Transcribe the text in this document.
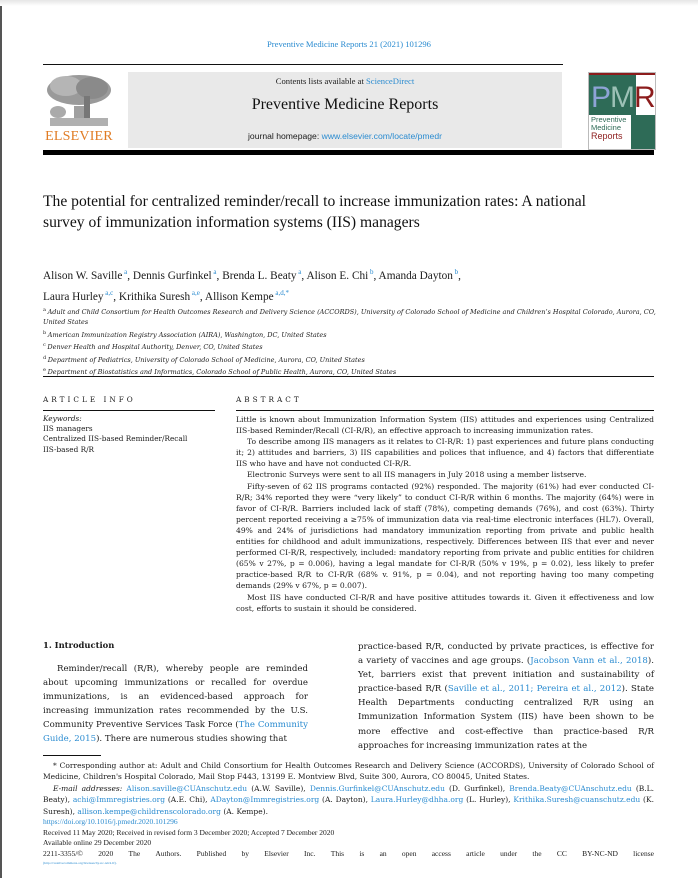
Preventive Medicine Reports 21 (2021) 101296
ELSEVIER
Contents lists available at ScienceDirect
Preventive Medicine Reports
journal homepage: www.elsevier.com/locate/pmedr
PMR
Preventive
Medicine
Reports
The potential for centralized reminder/recall to increase immunization rates: A national survey of immunization information systems (IIS) managers
Alison W. Saville $^a$, Dennis Gurfinkel $^a$, Brenda L. Beaty $^a$, Alison E. Chi $^b$, Amanda Dayton $^b$,
Laura Hurley $^{a,c}$, Krithika Suresh $^{a,e}$, Allison Kempe $^{a,d,*}$
$^a$ Adult and Child Consortium for Health Outcomes Research and Delivery Science (ACCORDS), University of Colorado School of Medicine and Children’s Hospital Colorado, Aurora, CO, United States
$^b$ American Immunization Registry Association (AIRA), Washington, DC, United States
$^c$ Denver Health and Hospital Authority, Denver, CO, United States
$^d$ Department of Pediatrics, University of Colorado School of Medicine, Aurora, CO, United States
$^e$ Department of Biostatistics and Informatics, Colorado School of Public Health, Aurora, CO, United States
ARTICLE INFO
Keywords:
IIS managers
Centralized IIS-based Reminder/Recall
IIS-based R/R
ABSTRACT

Little is known about Immunization Information System (IIS) attitudes and experiences using Centralized IIS-based Reminder/Recall (CI-R/R), an effective approach to increasing immunization rates.

To describe among IIS managers as it relates to CI-R/R: 1) past experiences and future plans conducting it; 2) attitudes and barriers, 3) IIS capabilities and polices that influence, and 4) factors that differentiate IIS who have and have not conducted CI-R/R.

Electronic Surveys were sent to all IIS managers in July 2018 using a member listserve.

Fifty-seven of 62 IIS programs contacted (92%) responded. The majority (61%) had ever conducted CI-R/R; 34% reported they were “very likely” to conduct CI-R/R within 6 months. The majority (64%) were in favor of CI-R/R. Barriers included lack of staff (78%), competing demands (76%), and cost (63%). Thirty percent reported receiving a ≥75% of immunization data via real-time electronic interfaces (HL7). Overall, 49% and 24% of jurisdictions had mandatory immunization reporting from private and public health entities for childhood and adult immunizations, respectively. Differences between IIS that ever and never performed CI-R/R, respectively, included: mandatory reporting from private and public entities for children (65% v 27%, p = 0.006), having a legal mandate for CI-R/R (50% v 19%, p = 0.02), less likely to prefer practice-based R/R to CI-R/R (68% v. 91%, p = 0.04), and not reporting having too many competing demands (29% v 67%, p = 0.007).

Most IIS have conducted CI-R/R and have positive attitudes towards it. Given it effectiveness and low cost, efforts to sustain it should be considered.

1. Introduction

Reminder/recall (R/R), whereby people are reminded about upcoming immunizations or recalled for overdue immunizations, is an evidenced-based approach for increasing immunization rates recommended by the U.S. Community Preventive Services Task Force (The Community Guide, 2015). There are numerous studies showing that

practice-based R/R, conducted by private practices, is effective for a variety of vaccines and age groups. (Jacobson Vann et al., 2018). Yet, barriers exist that prevent initiation and sustainability of practice-based R/R (Saville et al., 2011; Pereira et al., 2012). State Health Departments conducting centralized R/R using an Immunization Information System (IIS) have been shown to be more effective and cost-effective than practice-based R/R approaches for increasing immunization rates at the

* Corresponding author at: Adult and Child Consortium for Health Outcomes Research and Delivery Science (ACCORDS), University of Colorado School of Medicine, Children's Hospital Colorado, Mail Stop F443, 13199 E. Montview Blvd, Suite 300, Aurora, CO 80045, United States.

E-mail addresses: Alison.saville@CUAnschutz.edu (A.W. Saville), Dennis.Gurfinkel@CUAnschutz.edu (D. Gurfinkel), Brenda.Beaty@CUAnschutz.edu (B.L. Beaty), achi@Immregistries.org (A.E. Chi), ADayton@Immregistries.org (A. Dayton), Laura.Hurley@dhha.org (L. Hurley), Krithika.Suresh@cuanschutz.edu (K. Suresh), allison.kempe@childrenscolorado.org (A. Kempe).

https://doi.org/10.1016/j.pmedr.2020.101296
Received 11 May 2020; Received in revised form 3 December 2020; Accepted 7 December 2020
Available online 29 December 2020
2211-3355/© 2020 The Authors. Published by Elsevier Inc. This is an open access article under the CC BY-NC-ND license
(http://creativecommons.org/licenses/by-nc-nd/4.0/).
